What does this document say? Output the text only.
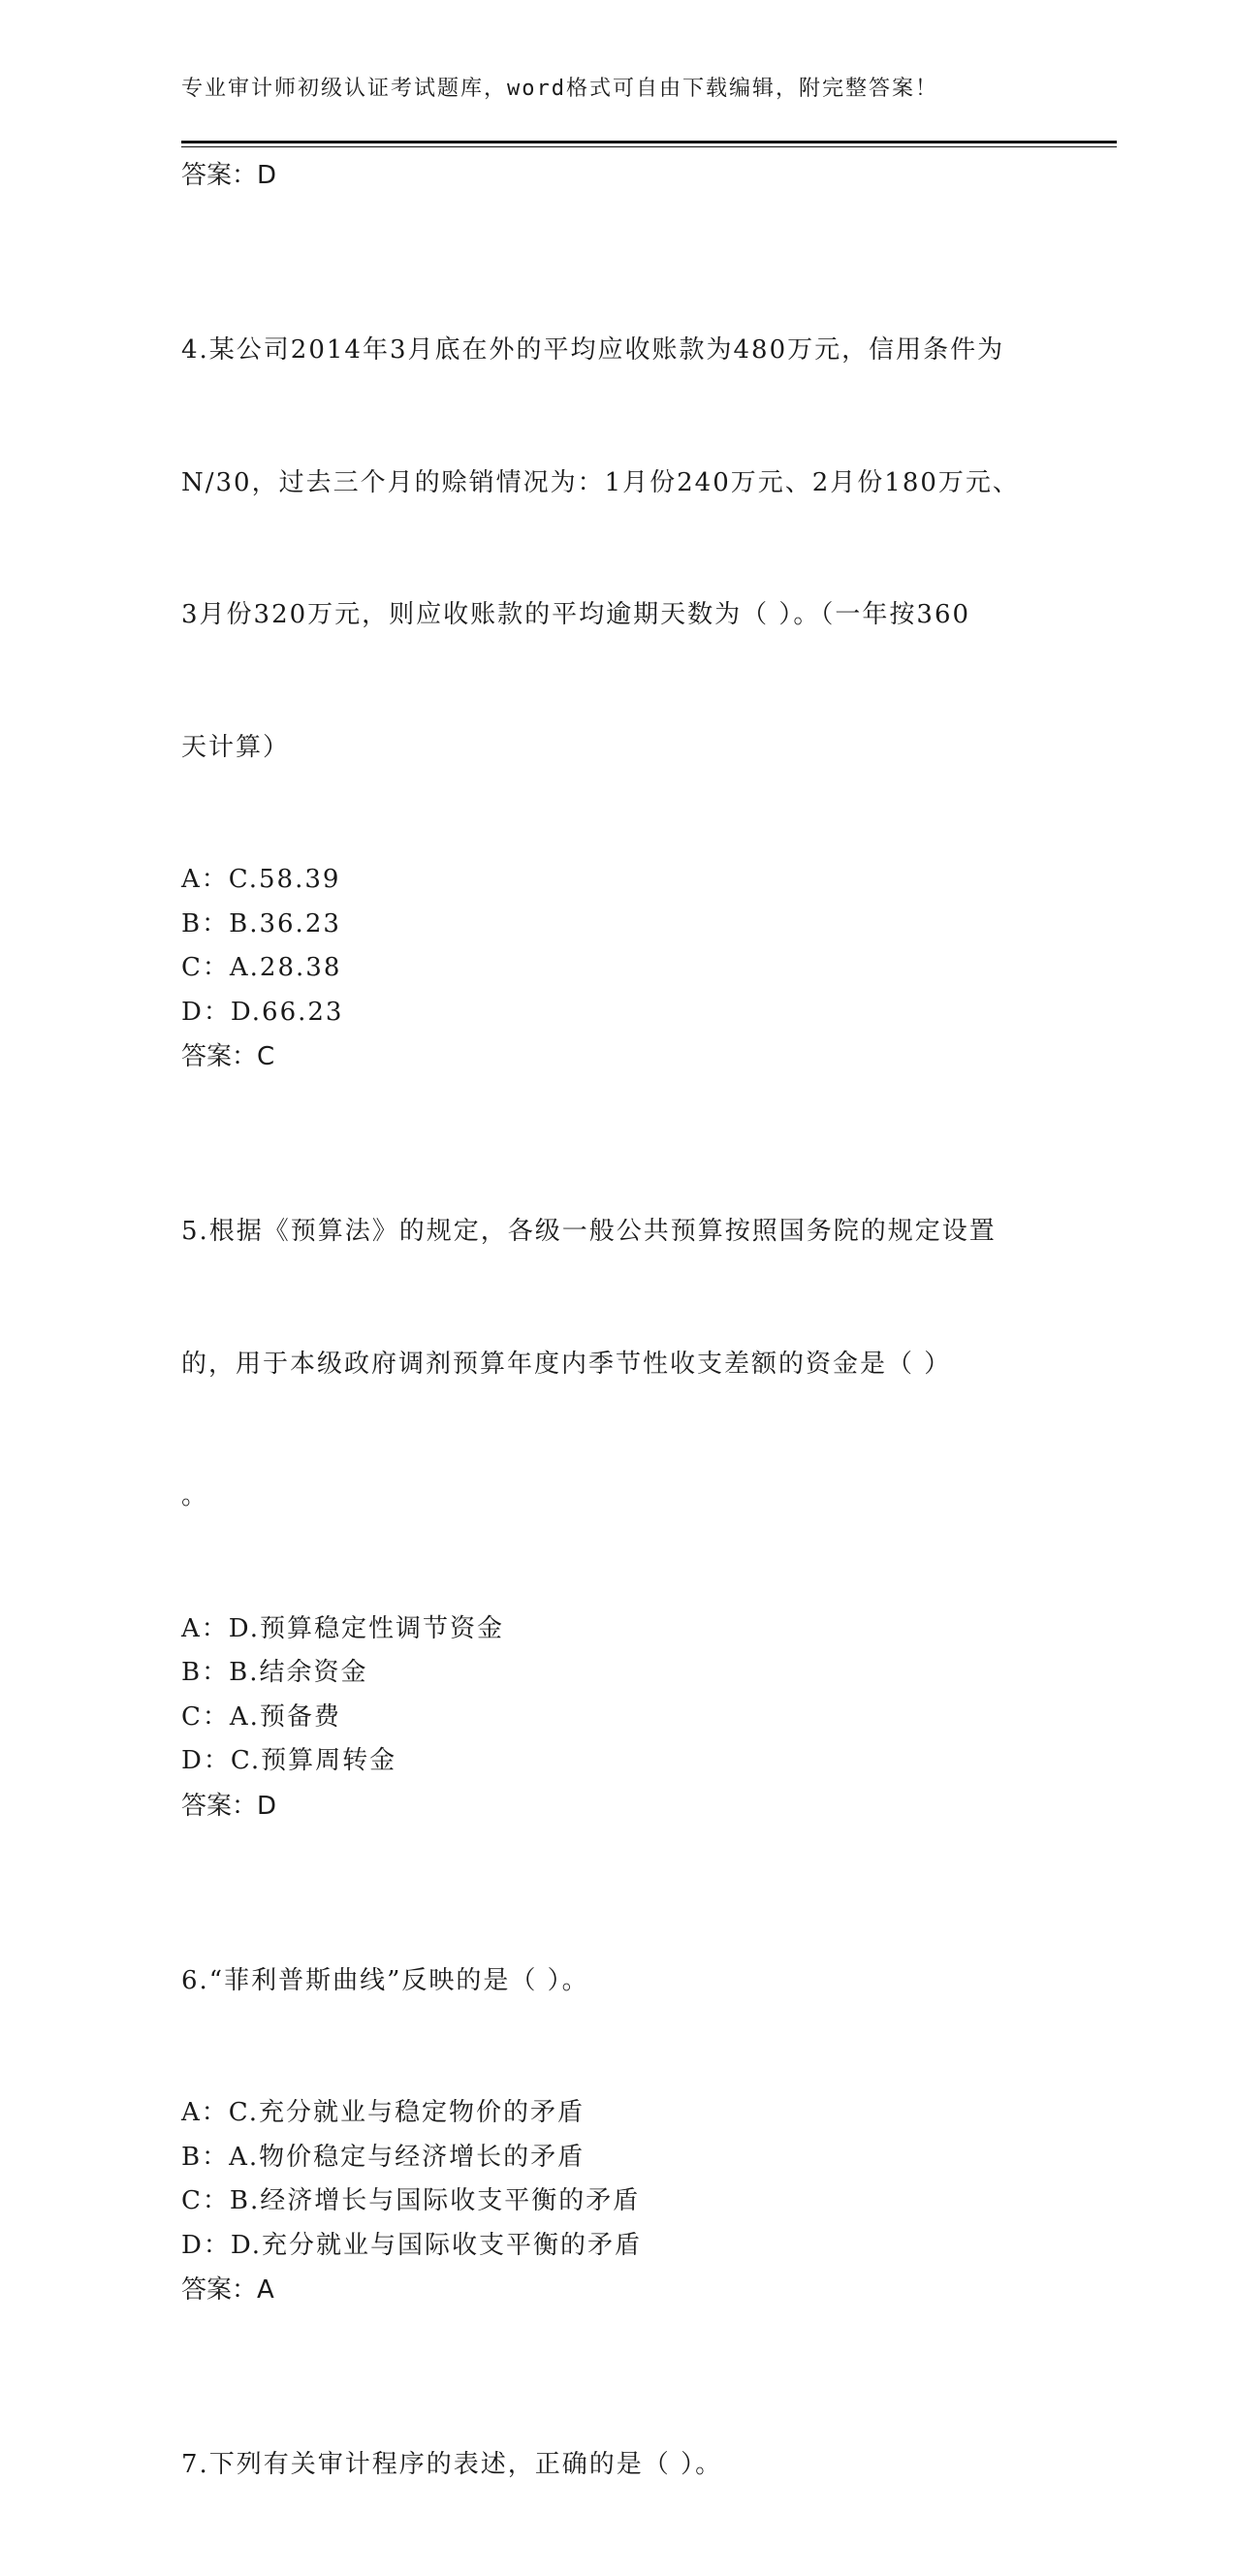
专业审计师初级认证考试题库，word格式可自由下载编辑，附完整答案！
答案：D

4.某公司2014年3月底在外的平均应收账款为480万元，信用条件为

N/30，过去三个月的赊销情况为：1月份240万元、2月份180万元、

3月份320万元，则应收账款的平均逾期天数为（ ）。（一年按360

天计算）

A：C.58.39
B：B.36.23
C：A.28.38
D：D.66.23
答案：C

5.根据《预算法》的规定，各级一般公共预算按照国务院的规定设置

的，用于本级政府调剂预算年度内季节性收支差额的资金是（ ）

。

A：D.预算稳定性调节资金
B：B.结余资金
C：A.预备费
D：C.预算周转金
答案：D

6.“菲利普斯曲线”反映的是（ ）。

A：C.充分就业与稳定物价的矛盾
B：A.物价稳定与经济增长的矛盾
C：B.经济增长与国际收支平衡的矛盾
D：D.充分就业与国际收支平衡的矛盾
答案：A

7.下列有关审计程序的表述，正确的是（ ）。
